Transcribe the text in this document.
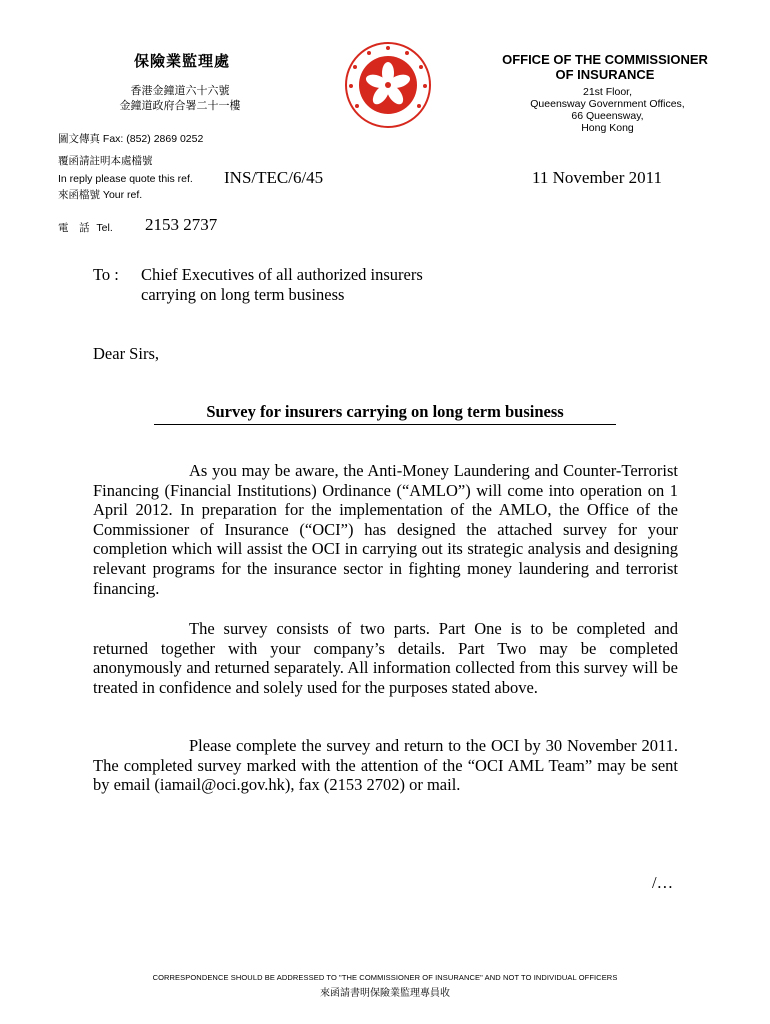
保險業監理處
香港金鐘道六十六號
金鐘道政府合署二十一樓
圖文傳真 Fax: (852) 2869 0252
OFFICE OF THE COMMISSIONER
OF INSURANCE
21st Floor,
Queensway Government Offices,
66 Queensway,
Hong Kong
覆函請註明本處檔號
In reply please quote this ref. INS/TEC/6/45	11 November 2011
來函檔號 Your ref.
電　話 Tel. 2153 2737
To : Chief Executives of all authorized insurers
carrying on long term business
Dear Sirs,
Survey for insurers carrying on long term business
As you may be aware, the Anti-Money Laundering and Counter-Terrorist Financing (Financial Institutions) Ordinance (“AMLO”) will come into operation on 1 April 2012. In preparation for the implementation of the AMLO, the Office of the Commissioner of Insurance (“OCI”) has designed the attached survey for your completion which will assist the OCI in carrying out its strategic analysis and designing relevant programs for the insurance sector in fighting money laundering and terrorist financing.
The survey consists of two parts. Part One is to be completed and returned together with your company’s details. Part Two may be completed anonymously and returned separately. All information collected from this survey will be treated in confidence and solely used for the purposes stated above.
Please complete the survey and return to the OCI by 30 November 2011. The completed survey marked with the attention of the “OCI AML Team” may be sent by email (iamail@oci.gov.hk), fax (2153 2702) or mail.
/…
CORRESPONDENCE SHOULD BE ADDRESSED TO "THE COMMISSIONER OF INSURANCE" AND NOT TO INDIVIDUAL OFFICERS
來函請書明保險業監理專員收
